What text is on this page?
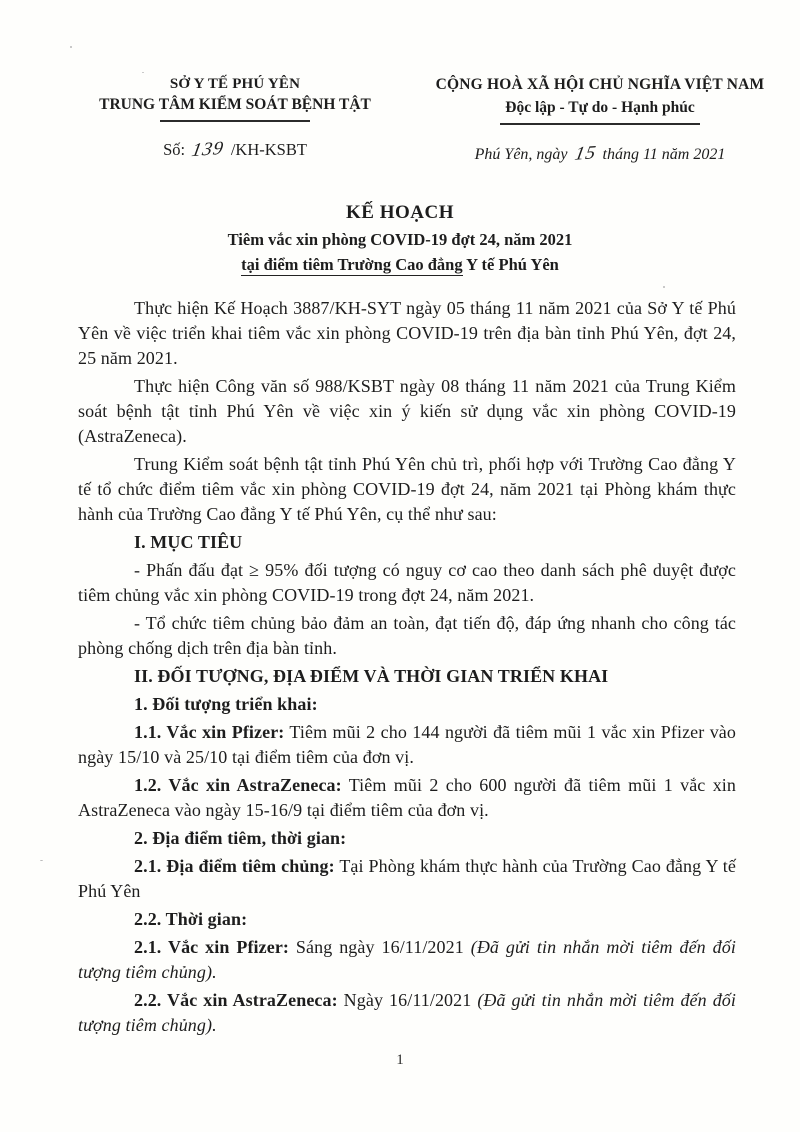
SỞ Y TẾ PHÚ YÊN
TRUNG TÂM KIỂM SOÁT BỆNH TẬT
Số: 139 /KH-KSBT
CỘNG HOÀ XÃ HỘI CHỦ NGHĨA VIỆT NAM
Độc lập - Tự do - Hạnh phúc
Phú Yên, ngày 15 tháng 11 năm 2021
KẾ HOẠCH
Tiêm vắc xin phòng COVID-19 đợt 24, năm 2021
tại điểm tiêm Trường Cao đẳng Y tế Phú Yên

Thực hiện Kế Hoạch 3887/KH-SYT ngày 05 tháng 11 năm 2021 của Sở Y tế Phú Yên về việc triển khai tiêm vắc xin phòng COVID-19 trên địa bàn tỉnh Phú Yên, đợt 24, 25 năm 2021.

Thực hiện Công văn số 988/KSBT ngày 08 tháng 11 năm 2021 của Trung Kiểm soát bệnh tật tỉnh Phú Yên về việc xin ý kiến sử dụng vắc xin phòng COVID-19 (AstraZeneca).

Trung Kiểm soát bệnh tật tỉnh Phú Yên chủ trì, phối hợp với Trường Cao đẳng Y tế tổ chức điểm tiêm vắc xin phòng COVID-19 đợt 24, năm 2021 tại Phòng khám thực hành của Trường Cao đẳng Y tế Phú Yên, cụ thể như sau:

I. MỤC TIÊU

- Phấn đấu đạt ≥ 95% đối tượng có nguy cơ cao theo danh sách phê duyệt được tiêm chủng vắc xin phòng COVID-19 trong đợt 24, năm 2021.

- Tổ chức tiêm chủng bảo đảm an toàn, đạt tiến độ, đáp ứng nhanh cho công tác phòng chống dịch trên địa bàn tỉnh.

II. ĐỐI TƯỢNG, ĐỊA ĐIỂM VÀ THỜI GIAN TRIỂN KHAI

1. Đối tượng triển khai:

1.1. Vắc xin Pfizer: Tiêm mũi 2 cho 144 người đã tiêm mũi 1 vắc xin Pfizer vào ngày 15/10 và 25/10 tại điểm tiêm của đơn vị.

1.2. Vắc xin AstraZeneca: Tiêm mũi 2 cho 600 người đã tiêm mũi 1 vắc xin AstraZeneca vào ngày 15-16/9 tại điểm tiêm của đơn vị.

2. Địa điểm tiêm, thời gian:

2.1. Địa điểm tiêm chủng: Tại Phòng khám thực hành của Trường Cao đẳng Y tế Phú Yên

2.2. Thời gian:

2.1. Vắc xin Pfizer: Sáng ngày 16/11/2021 (Đã gửi tin nhắn mời tiêm đến đối tượng tiêm chủng).

2.2. Vắc xin AstraZeneca: Ngày 16/11/2021 (Đã gửi tin nhắn mời tiêm đến đối tượng tiêm chủng).

1
